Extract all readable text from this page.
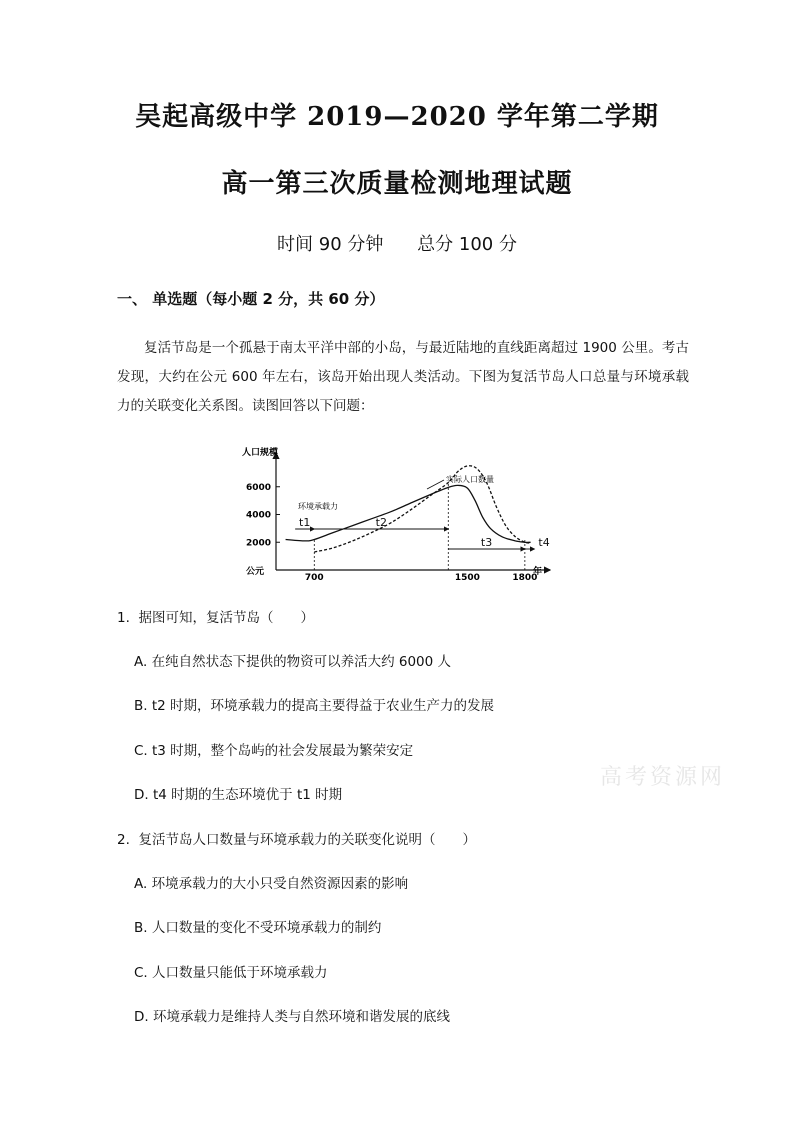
吴起高级中学 2019—2020 学年第二学期
高一第三次质量检测地理试题
时间 90 分钟 总分 100 分
一、 单选题（每小题 2 分，共 60 分）
复活节岛是一个孤悬于南太平洋中部的小岛，与最近陆地的直线距离超过 1900 公里。考古发现，大约在公元 600 年左右，该岛开始出现人类活动。下图为复活节岛人口总量与环境承载力的关联变化关系图。读图回答以下问题：
人口规模
公元	年
2000
4000
6000
700	1500	1800
环境承载力
实际人口数量
t1	t2
t3	t4
1. 据图可知，复活节岛（　　）
A. 在纯自然状态下提供的物资可以养活大约 6000 人
B. t2 时期，环境承载力的提高主要得益于农业生产力的发展
C. t3 时期，整个岛屿的社会发展最为繁荣安定
D. t4 时期的生态环境优于 t1 时期
高考资源网
2. 复活节岛人口数量与环境承载力的关联变化说明（　　）
A. 环境承载力的大小只受自然资源因素的影响
B. 人口数量的变化不受环境承载力的制约
C. 人口数量只能低于环境承载力
D. 环境承载力是维持人类与自然环境和谐发展的底线
